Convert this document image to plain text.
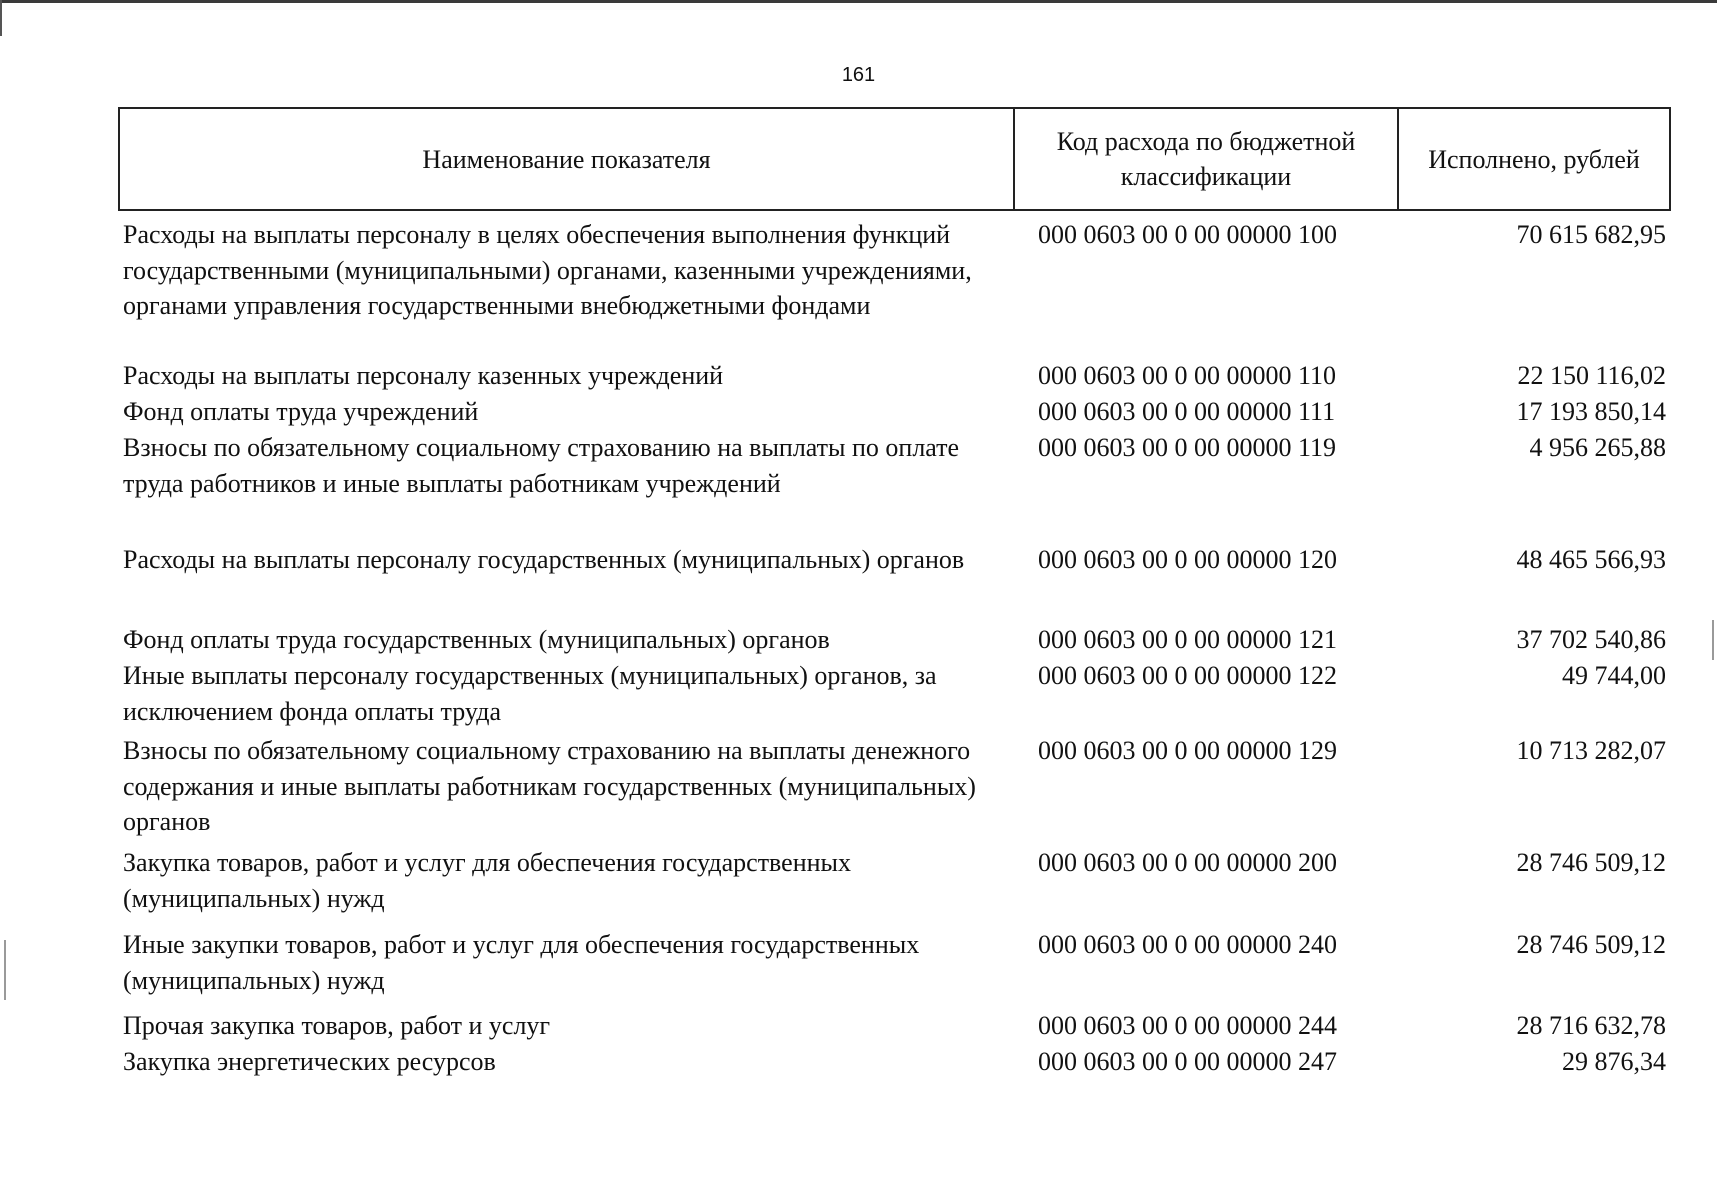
161
Наименование показателя	Код расхода по бюджетной классификации	Исполнено, рублей
Расходы на выплаты персоналу в целях обеспечения выполнения функций государственными (муниципальными) органами, казенными учреждениями, органами управления государственными внебюджетными фондами	000 0603 00 0 00 00000 100	70 615 682,95
Расходы на выплаты персоналу казенных учреждений	000 0603 00 0 00 00000 110	22 150 116,02
Фонд оплаты труда учреждений	000 0603 00 0 00 00000 111	17 193 850,14
Взносы по обязательному социальному страхованию на выплаты по оплате труда работников и иные выплаты работникам учреждений	000 0603 00 0 00 00000 119	4 956 265,88
Расходы на выплаты персоналу государственных (муниципальных) органов	000 0603 00 0 00 00000 120	48 465 566,93
Фонд оплаты труда государственных (муниципальных) органов	000 0603 00 0 00 00000 121	37 702 540,86
Иные выплаты персоналу государственных (муниципальных) органов, за исключением фонда оплаты труда	000 0603 00 0 00 00000 122	49 744,00
Взносы по обязательному социальному страхованию на выплаты денежного содержания и иные выплаты работникам государственных (муниципальных) органов	000 0603 00 0 00 00000 129	10 713 282,07
Закупка товаров, работ и услуг для обеспечения государственных (муниципальных) нужд	000 0603 00 0 00 00000 200	28 746 509,12
Иные закупки товаров, работ и услуг для обеспечения государственных (муниципальных) нужд	000 0603 00 0 00 00000 240	28 746 509,12
Прочая закупка товаров, работ и услуг	000 0603 00 0 00 00000 244	28 716 632,78
Закупка энергетических ресурсов	000 0603 00 0 00 00000 247	29 876,34
